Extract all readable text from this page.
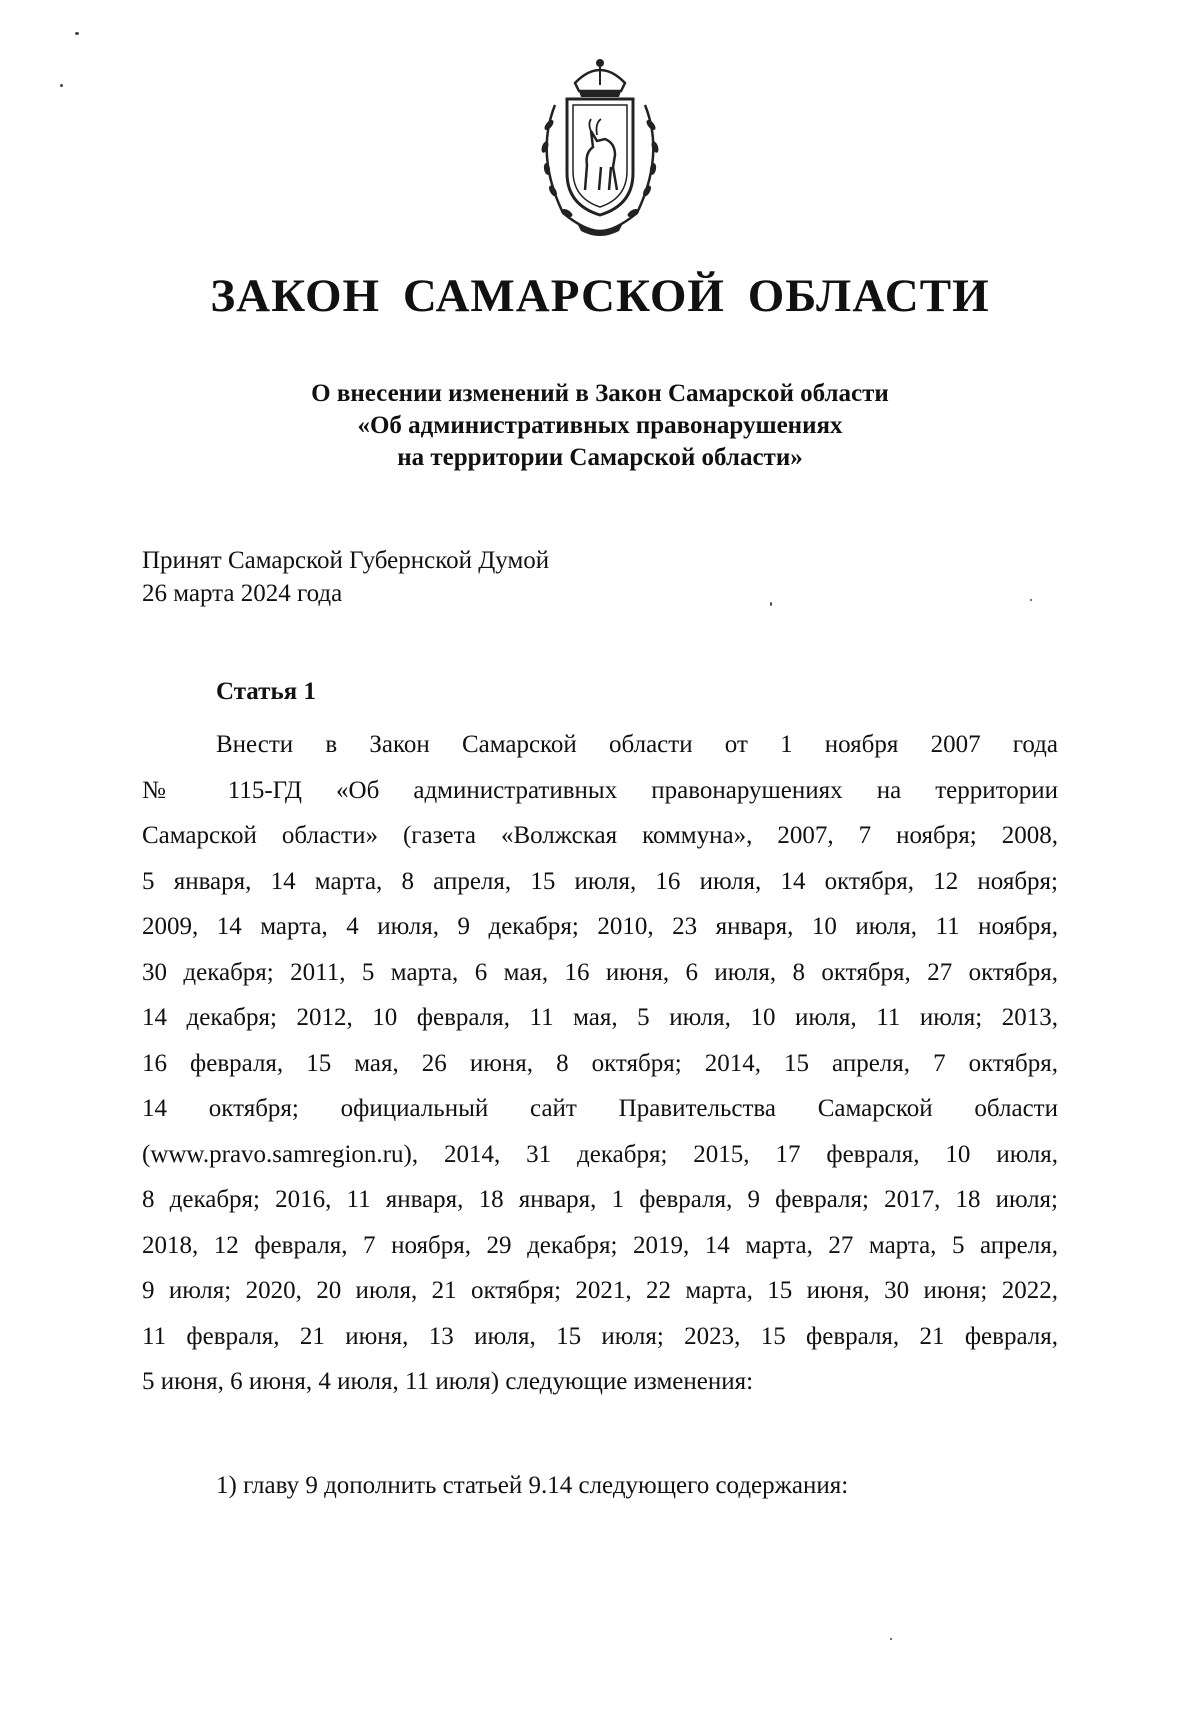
ЗАКОН САМАРСКОЙ ОБЛАСТИ
О внесении изменений в Закон Самарской области
«Об административных правонарушениях
на территории Самарской области»
Принят Самарской Губернской Думой
26 марта 2024 года
Статья 1
Внести в Закон Самарской области от 1 ноября 2007 года
№ 115-ГД «Об административных правонарушениях на территории
Самарской области» (газета «Волжская коммуна», 2007, 7 ноября; 2008,
5 января, 14 марта, 8 апреля, 15 июля, 16 июля, 14 октября, 12 ноября;
2009, 14 марта, 4 июля, 9 декабря; 2010, 23 января, 10 июля, 11 ноября,
30 декабря; 2011, 5 марта, 6 мая, 16 июня, 6 июля, 8 октября, 27 октября,
14 декабря; 2012, 10 февраля, 11 мая, 5 июля, 10 июля, 11 июля; 2013,
16 февраля, 15 мая, 26 июня, 8 октября; 2014, 15 апреля, 7 октября,
14 октября; официальный сайт Правительства Самарской области
(www.pravo.samregion.ru), 2014, 31 декабря; 2015, 17 февраля, 10 июля,
8 декабря; 2016, 11 января, 18 января, 1 февраля, 9 февраля; 2017, 18 июля;
2018, 12 февраля, 7 ноября, 29 декабря; 2019, 14 марта, 27 марта, 5 апреля,
9 июля; 2020, 20 июля, 21 октября; 2021, 22 марта, 15 июня, 30 июня; 2022,
11 февраля, 21 июня, 13 июля, 15 июля; 2023, 15 февраля, 21 февраля,
5 июня, 6 июня, 4 июля, 11 июля) следующие изменения:
1) главу 9 дополнить статьей 9.14 следующего содержания:
